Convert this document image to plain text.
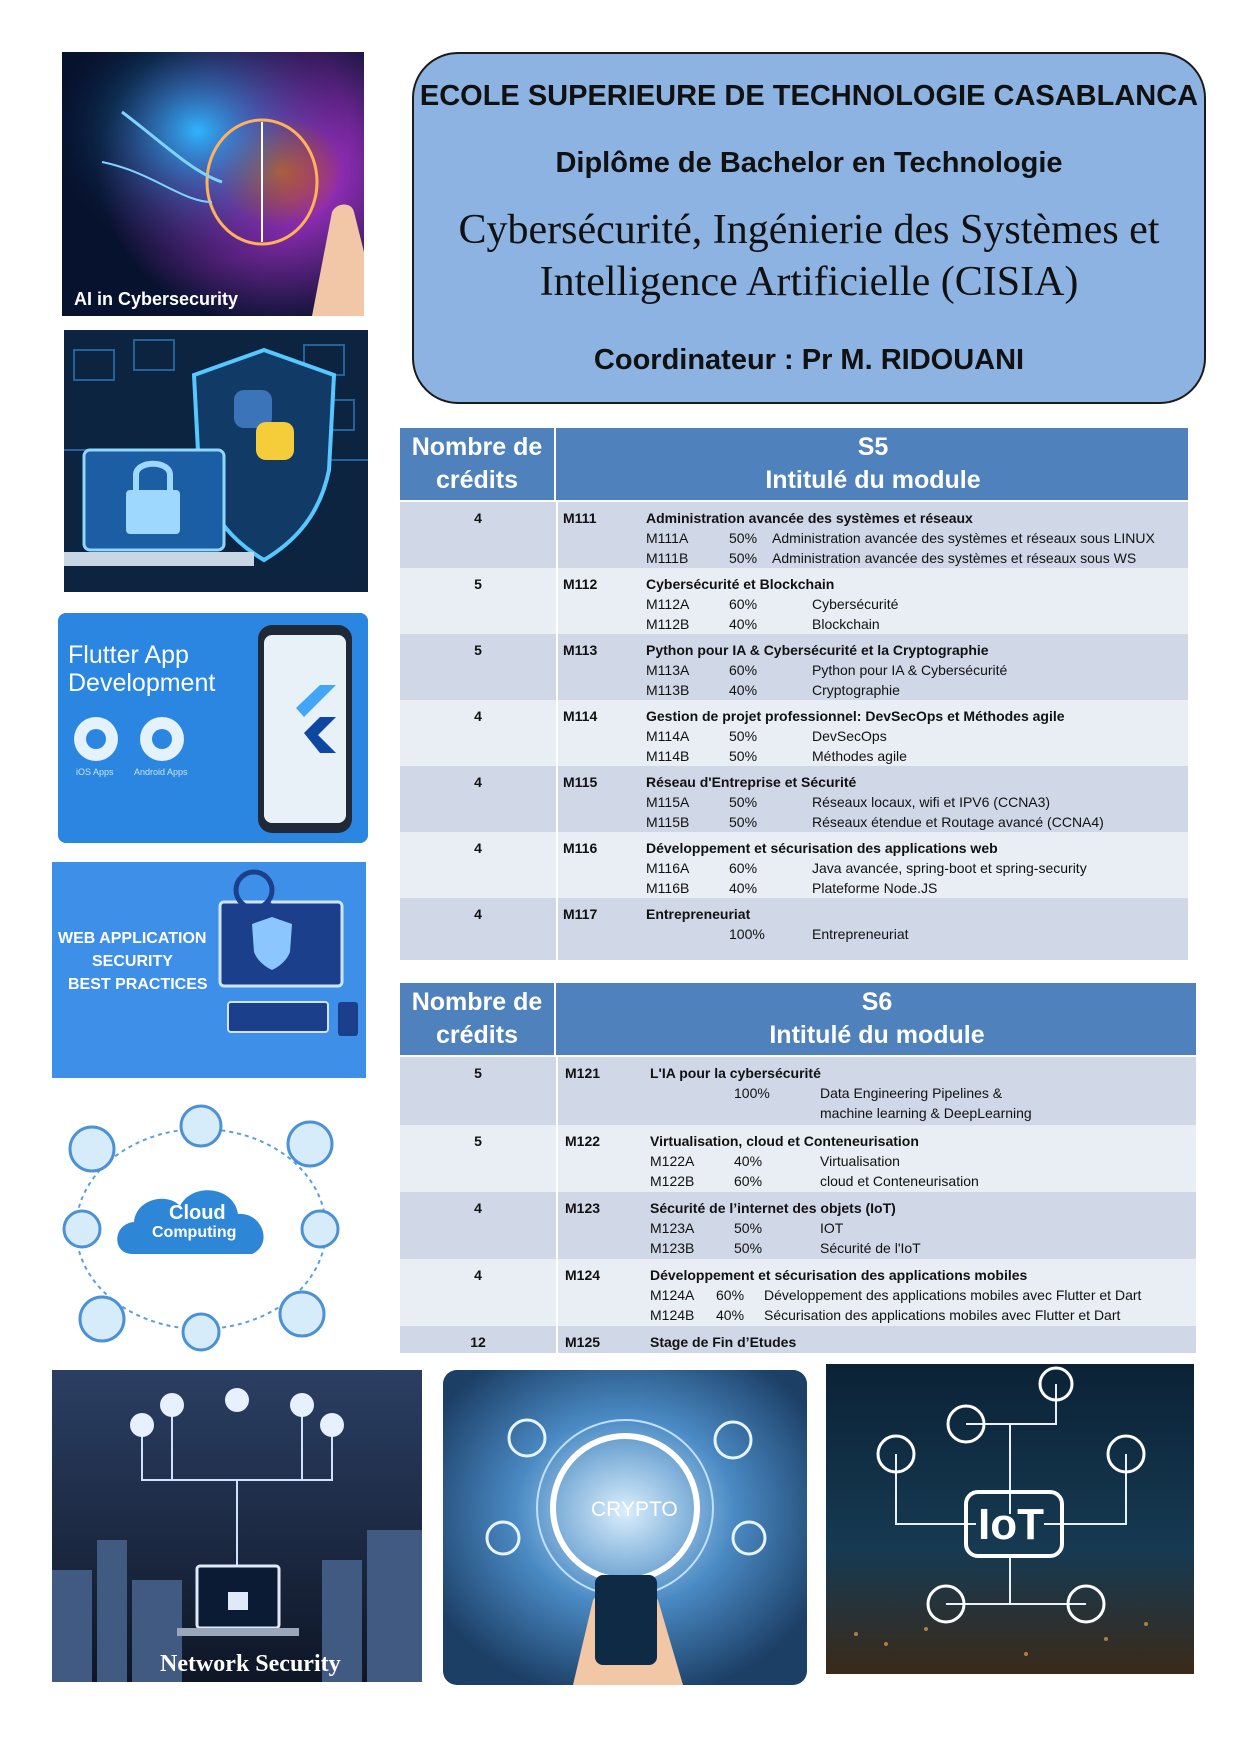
AI in Cybersecurity
Flutter App
Development
iOS Apps Android Apps
WEB APPLICATION
SECURITY
BEST PRACTICES
Cloud
Computing
Network Security
CRYPTO	IoT
ECOLE SUPERIEURE DE TECHNOLOGIE CASABLANCA
Diplôme de Bachelor en Technologie
Cybersécurité, Ingénierie des Systèmes et
Intelligence Artificielle (CISIA)
Coordinateur : Pr M. RIDOUANI
Nombre de
crédits
S5
Intitulé du module
4	M111	Administration avancée des systèmes et réseaux
M111A	50% Administration avancée des systèmes et réseaux sous LINUX
M111B	50% Administration avancée des systèmes et réseaux sous WS
5	M112	Cybersécurité et Blockchain
M112A	60%	Cybersécurité
M112B	40%	Blockchain
5	M113	Python pour IA & Cybersécurité et la Cryptographie
M113A	60%	Python pour IA & Cybersécurité
M113B	40%	Cryptographie
4	M114	Gestion de projet professionnel: DevSecOps et Méthodes agile
M114A	50%	DevSecOps
M114B	50%	Méthodes agile
4	M115	Réseau d'Entreprise et Sécurité
M115A	50%	Réseaux locaux, wifi et IPV6 (CCNA3)
M115B	50%	Réseaux étendue et Routage avancé (CCNA4)
4	M116	Développement et sécurisation des applications web
M116A	60%	Java avancée, spring-boot et spring-security
M116B	40%	Plateforme Node.JS
4	M117	Entrepreneuriat
100%	Entrepreneuriat
Nombre de
crédits
S6
Intitulé du module
5	M121	L'IA pour la cybersécurité
100%	Data Engineering Pipelines &
machine learning & DeepLearning
5	M122	Virtualisation, cloud et Conteneurisation
M122A	40%	Virtualisation
M122B	60%	cloud et Conteneurisation
4	M123	Sécurité de l’internet des objets (IoT)
M123A	50%	IOT
M123B	50%	Sécurité de l'IoT
4	M124	Développement et sécurisation des applications mobiles
M124A 60% Développement des applications mobiles avec Flutter et Dart
M124B 40% Sécurisation des applications mobiles avec Flutter et Dart
12	M125	Stage de Fin d’Etudes
